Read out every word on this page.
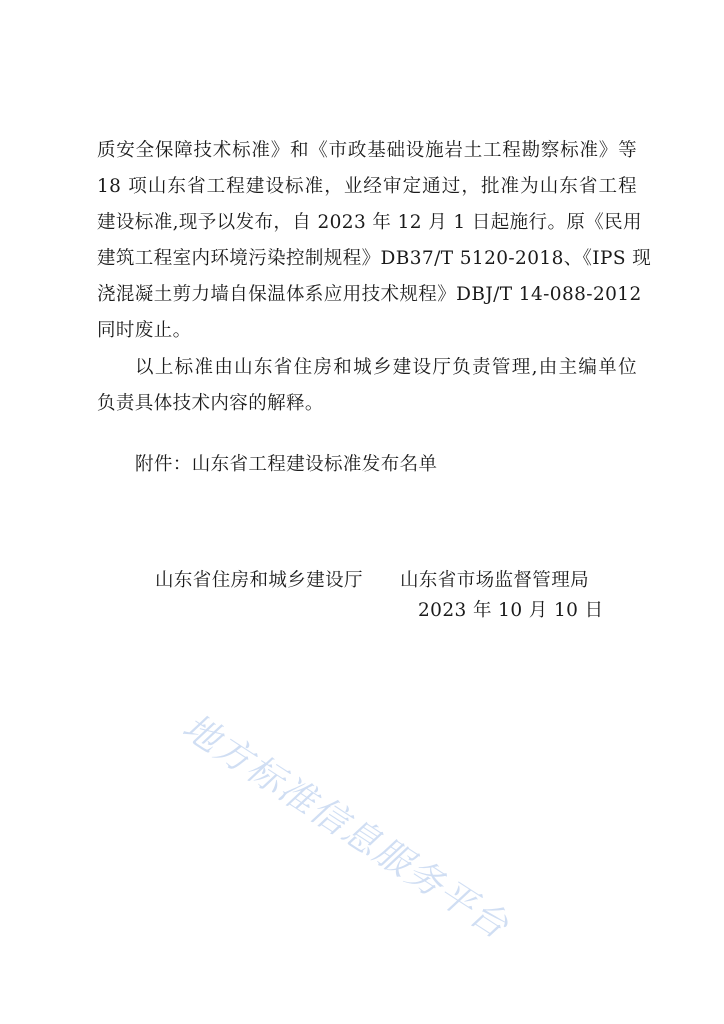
质安全保障技术标准》和《市政基础设施岩土工程勘察标准》等
18 项山东省工程建设标准，业经审定通过，批准为山东省工程
建设标准,现予以发布，自 2023 年 12 月 1 日起施行。原《民用
建筑工程室内环境污染控制规程》DB37/T 5120-2018、《IPS 现
浇混凝土剪力墙自保温体系应用技术规程》DBJ/T 14-088-2012
同时废止。
以上标准由山东省住房和城乡建设厅负责管理,由主编单位
负责具体技术内容的解释。
附件：山东省工程建设标准发布名单
山东省住房和城乡建设厅 山东省市场监督管理局
2023 年 10 月 10 日
地方标准信息服务平台
